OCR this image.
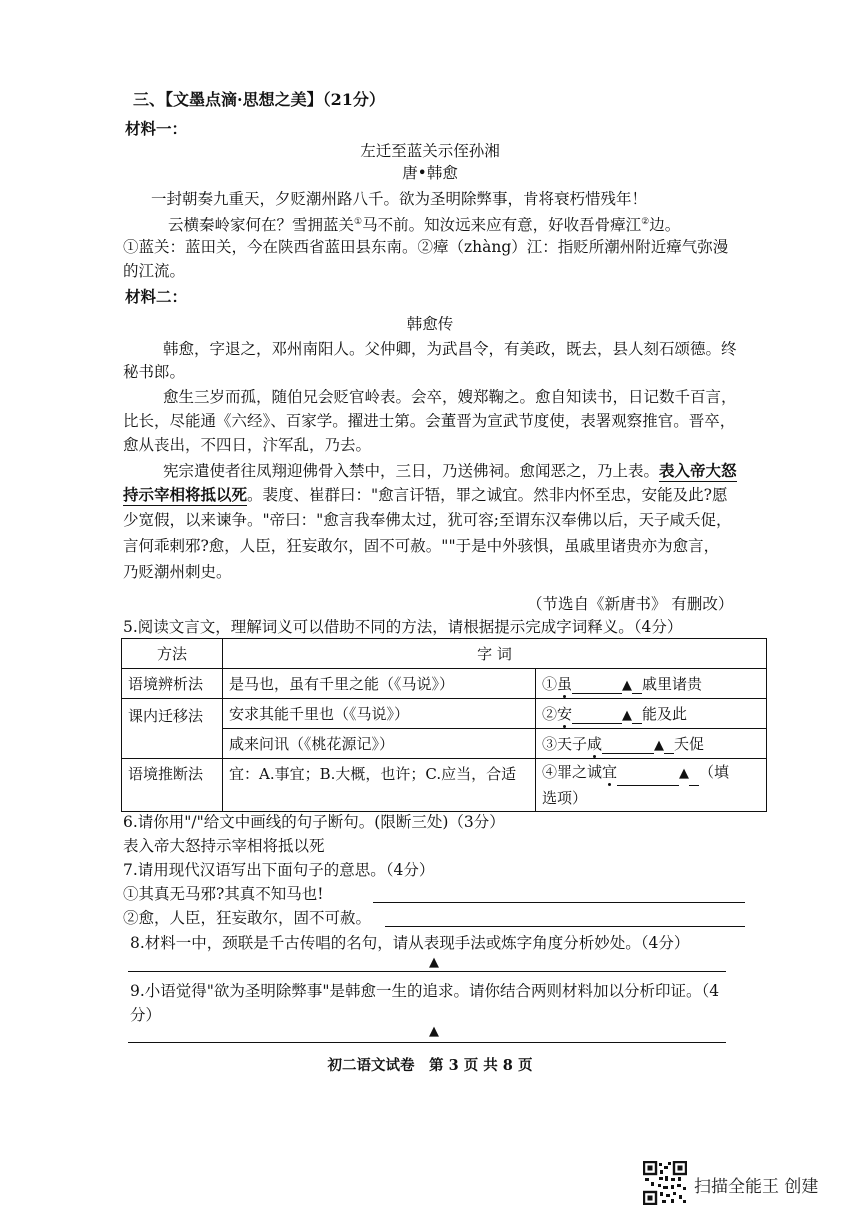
三、【文墨点滴·思想之美】（21分）
材料一：
左迁至蓝关示侄孙湘
唐•韩愈
一封朝奏九重天，夕贬潮州路八千。欲为圣明除弊事，肯将衰朽惜残年！
云横秦岭家何在？雪拥蓝关①马不前。知汝远来应有意，好收吾骨瘴江②边。
①蓝关：蓝田关，今在陕西省蓝田县东南。②瘴（zhàng）江：指贬所潮州附近瘴气弥漫
的江流。
材料二：
韩愈传
韩愈，字退之，邓州南阳人。父仲卿，为武昌令，有美政，既去，县人刻石颂德。终
秘书郎。
愈生三岁而孤，随伯兄会贬官岭表。会卒，嫂郑鞠之。愈自知读书，日记数千百言，
比长，尽能通《六经》、百家学。擢进士第。会董晋为宣武节度使，表署观察推官。晋卒，
愈从丧出，不四日，汴军乱，乃去。
宪宗遣使者往凤翔迎佛骨入禁中，三日，乃送佛祠。愈闻恶之，乃上表。表入帝大怒
持示宰相将抵以死。裴度、崔群曰："愈言讦牾，罪之诚宜。然非内怀至忠，安能及此?愿
少宽假，以来谏争。"帝曰："愈言我奉佛太过，犹可容;至谓东汉奉佛以后，天子咸夭促，
言何乖剌邪?愈，人臣，狂妄敢尔，固不可赦。""于是中外骇惧，虽戚里诸贵亦为愈言，
乃贬潮州刺史。
（节选自《新唐书》 有删改）
5.阅读文言文，理解词义可以借助不同的方法，请根据提示完成字词释义。（4分）
方法	字 词	
语境辨析法	是马也，虽有千里之能（《马说》）	①虽 ▲ 戚里诸贵
课内迁移法	安求其能千里也（《马说》）	②安 ▲ 能及此
	咸来问讯（《桃花源记》）	③天子咸 ▲ 夭促
语境推断法	宜：A.事宜；B.大概，也许；C.应当，合适	④罪之诚宜 ▲ （填
选项）
6.请你用"/"给文中画线的句子断句。(限断三处)（3分）
表入帝大怒持示宰相将抵以死
7.请用现代汉语写出下面句子的意思。（4分）
①其真无马邪?其真不知马也!
②愈，人臣，狂妄敢尔，固不可赦。
8.材料一中，颈联是千古传唱的名句，请从表现手法或炼字角度分析妙处。（4分）
▲
9.小语觉得"欲为圣明除弊事"是韩愈一生的追求。请你结合两则材料加以分析印证。（4
分）
▲
初二语文试卷　第 3 页 共 8 页
扫描全能王 创建
